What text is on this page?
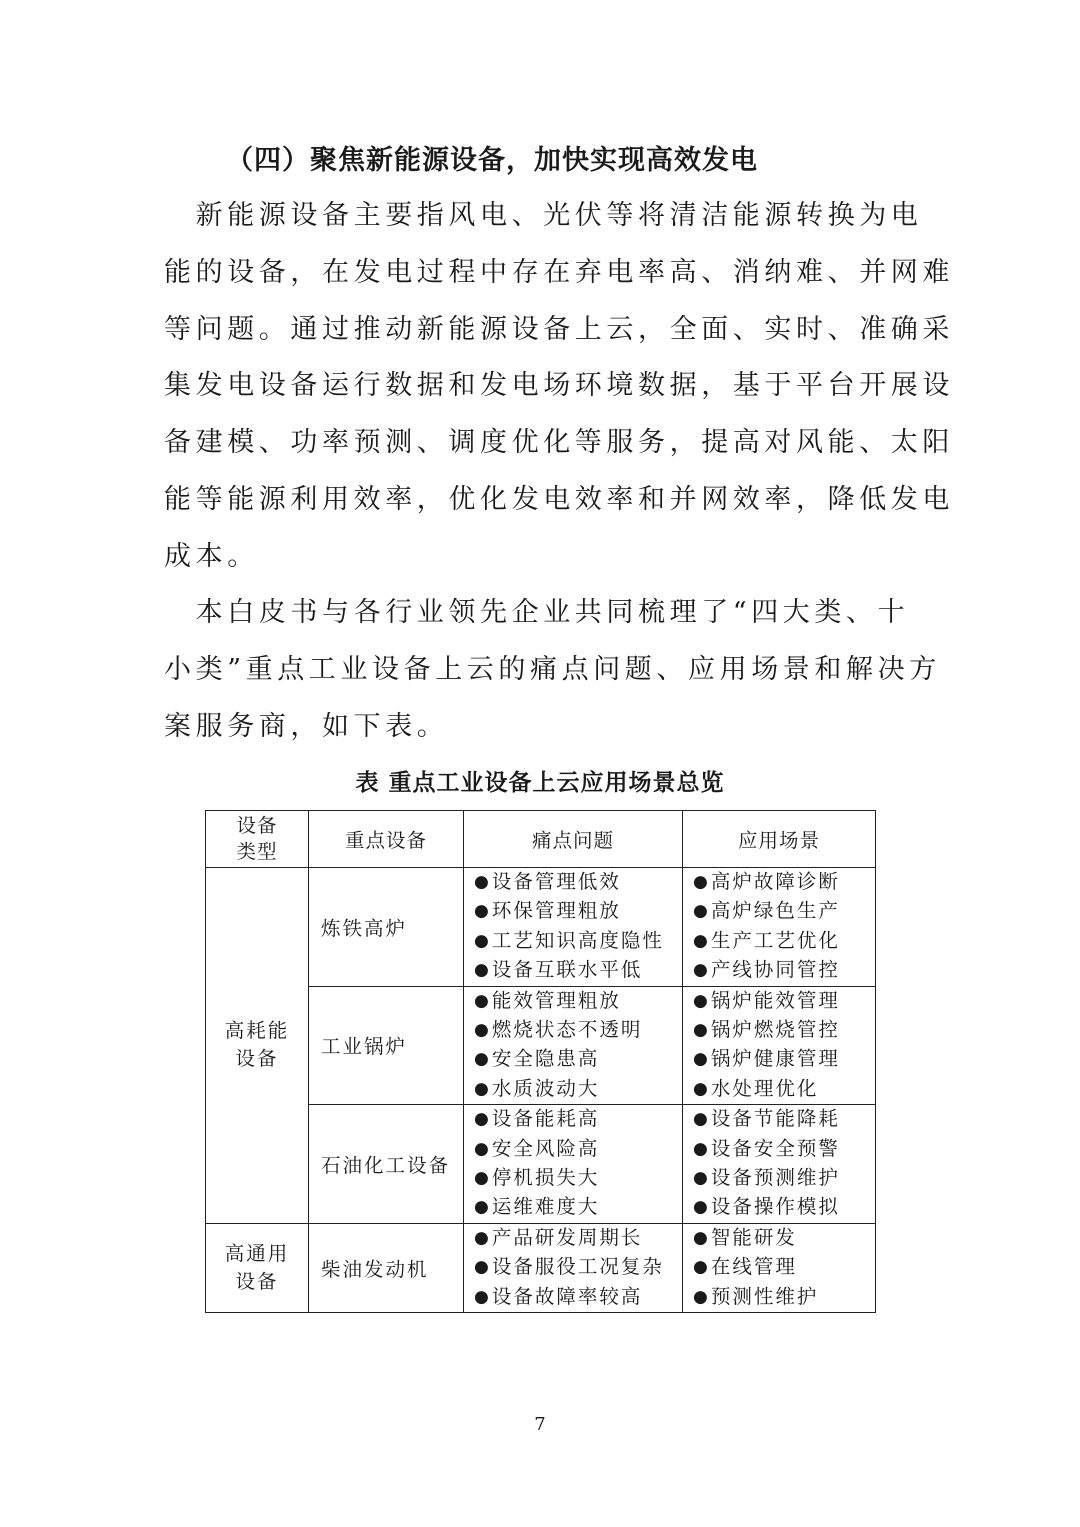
（四）聚焦新能源设备，加快实现高效发电
　新能源设备主要指风电、光伏等将清洁能源转换为电
能的设备，在发电过程中存在弃电率高、消纳难、并网难
等问题。通过推动新能源设备上云，全面、实时、准确采
集发电设备运行数据和发电场环境数据，基于平台开展设
备建模、功率预测、调度优化等服务，提高对风能、太阳
能等能源利用效率，优化发电效率和并网效率，降低发电
成本。
　本白皮书与各行业领先企业共同梳理了“四大类、十
小类”重点工业设备上云的痛点问题、应用场景和解决方
案服务商，如下表。
表 重点工业设备上云应用场景总览
设备
类型	重点设备	痛点问题	应用场景
高耗能
设备	炼铁高炉	● 设备管理低效
● 环保管理粗放
● 工艺知识高度隐性
● 设备互联水平低	● 高炉故障诊断
● 高炉绿色生产
● 生产工艺优化
● 产线协同管控

	工业锅炉	● 能效管理粗放
● 燃烧状态不透明
● 安全隐患高
● 水质波动大	● 锅炉能效管理
● 锅炉燃烧管控
● 锅炉健康管理
● 水处理优化

	石油化工设备	● 设备能耗高
● 安全风险高
● 停机损失大
● 运维难度大	● 设备节能降耗
● 设备安全预警
● 设备预测维护
● 设备操作模拟

高通用
设备	柴油发动机	● 产品研发周期长
● 设备服役工况复杂
● 设备故障率较高	● 智能研发
● 在线管理
● 预测性维护
7
